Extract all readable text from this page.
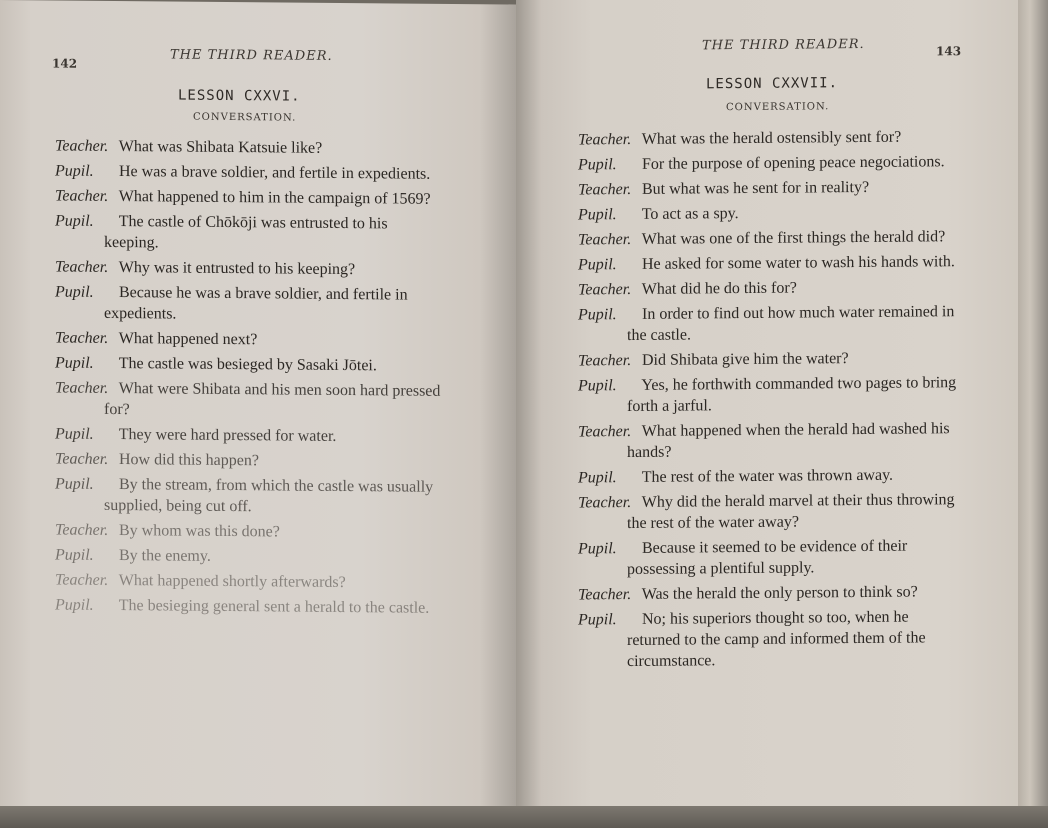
142	THE THIRD READER.
LESSON CXXVI.
CONVERSATION.
Teacher. What was Shibata Katsuie like?
Pupil. He was a brave soldier, and fertile in expedients.
Teacher. What happened to him in the campaign of 1569?
Pupil. The castle of Chōkōji was entrusted to his keeping.
Teacher. Why was it entrusted to his keeping?
Pupil. Because he was a brave soldier, and fertile in expedients.
Teacher. What happened next?
Pupil. The castle was besieged by Sasaki Jōtei.
Teacher. What were Shibata and his men soon hard pressed for?
Pupil. They were hard pressed for water.
Teacher. How did this happen?
Pupil. By the stream, from which the castle was usually supplied, being cut off.
Teacher. By whom was this done?
Pupil. By the enemy.
Teacher. What happened shortly afterwards?
Pupil. The besieging general sent a herald to the castle.
THE THIRD READER.	143
LESSON CXXVII.
CONVERSATION.
Teacher. What was the herald ostensibly sent for?
Pupil. For the purpose of opening peace negociations.
Teacher. But what was he sent for in reality?
Pupil. To act as a spy.
Teacher. What was one of the first things the herald did?
Pupil. He asked for some water to wash his hands with.
Teacher. What did he do this for?
Pupil. In order to find out how much water remained in the castle.
Teacher. Did Shibata give him the water?
Pupil. Yes, he forthwith commanded two pages to bring forth a jarful.
Teacher. What happened when the herald had washed his hands?
Pupil. The rest of the water was thrown away.
Teacher. Why did the herald marvel at their thus throwing the rest of the water away?
Pupil. Because it seemed to be evidence of their possessing a plentiful supply.
Teacher. Was the herald the only person to think so?
Pupil. No; his superiors thought so too, when he returned to the camp and informed them of the circumstance.
